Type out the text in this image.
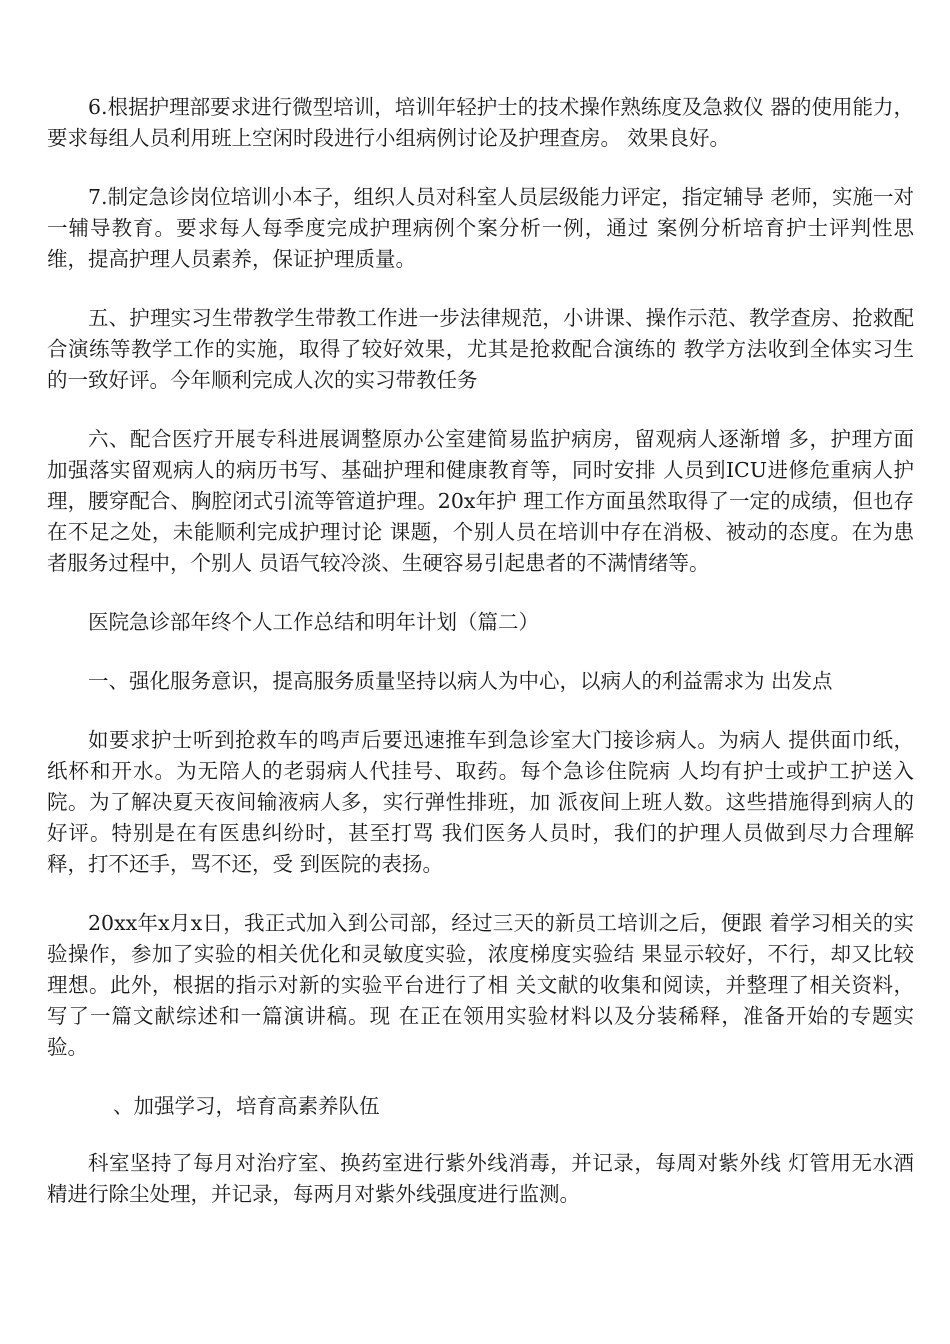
6.根据护理部要求进行微型培训，培训年轻护士的技术操作熟练度及急救仪 器的使用能力，要求每组人员利用班上空闲时段进行小组病例讨论及护理查房。 效果良好。

7.制定急诊岗位培训小本子，组织人员对科室人员层级能力评定，指定辅导 老师，实施一对一辅导教育。要求每人每季度完成护理病例个案分析一例，通过 案例分析培育护士评判性思维，提高护理人员素养，保证护理质量。

五、护理实习生带教学生带教工作进一步法律规范，小讲课、操作示范、教学查房、抢救配合演练等教学工作的实施，取得了较好效果，尤其是抢救配合演练的 教学方法收到全体实习生的一致好评。今年顺利完成人次的实习带教任务

六、配合医疗开展专科进展调整原办公室建简易监护病房，留观病人逐渐增 多，护理方面加强落实留观病人的病历书写、基础护理和健康教育等，同时安排 人员到ICU进修危重病人护理，腰穿配合、胸腔闭式引流等管道护理。20x年护 理工作方面虽然取得了一定的成绩，但也存在不足之处，未能顺利完成护理讨论 课题，个别人员在培训中存在消极、被动的态度。在为患者服务过程中，个别人 员语气较冷淡、生硬容易引起患者的不满情绪等。

医院急诊部年终个人工作总结和明年计划（篇二）

一、强化服务意识，提高服务质量坚持以病人为中心，以病人的利益需求为 出发点

如要求护士听到抢救车的鸣声后要迅速推车到急诊室大门接诊病人。为病人 提供面巾纸，纸杯和开水。为无陪人的老弱病人代挂号、取药。每个急诊住院病 人均有护士或护工护送入院。为了解决夏天夜间输液病人多，实行弹性排班，加 派夜间上班人数。这些措施得到病人的好评。特别是在有医患纠纷时，甚至打骂 我们医务人员时，我们的护理人员做到尽力合理解释，打不还手，骂不还，受 到医院的表扬。

20xx年x月x日，我正式加入到公司部，经过三天的新员工培训之后，便跟 着学习相关的实验操作，参加了实验的相关优化和灵敏度实验，浓度梯度实验结 果显示较好，不行，却又比较理想。此外，根据的指示对新的实验平台进行了相 关文献的收集和阅读，并整理了相关资料，写了一篇文献综述和一篇演讲稿。现 在正在领用实验材料以及分装稀释，准备开始的专题实验。

、加强学习，培育高素养队伍

科室坚持了每月对治疗室、换药室进行紫外线消毒，并记录，每周对紫外线 灯管用无水酒精进行除尘处理，并记录，每两月对紫外线强度进行监测。
